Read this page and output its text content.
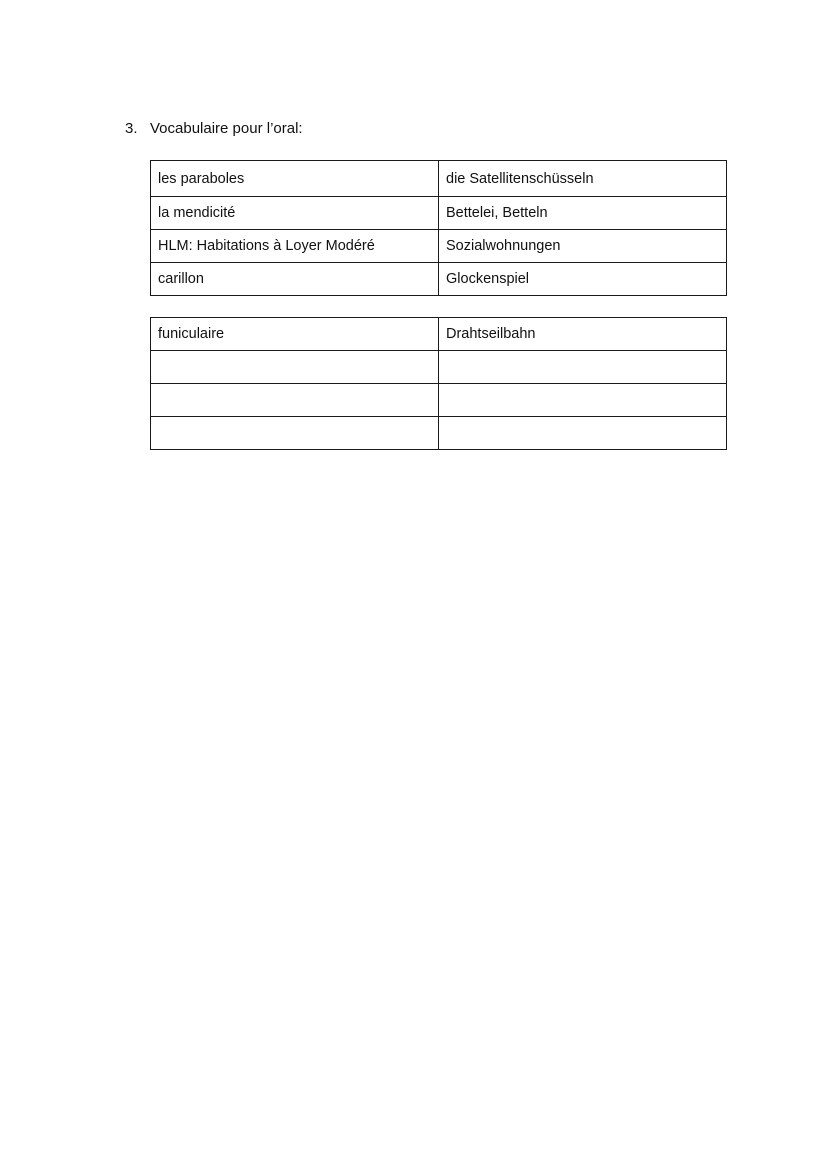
3. Vocabulaire pour l’oral:
les paraboles	die Satellitenschüsseln
la mendicité	Bettelei, Betteln
HLM: Habitations à Loyer Modéré	Sozialwohnungen
carillon	Glockenspiel
funiculaire	Drahtseilbahn
